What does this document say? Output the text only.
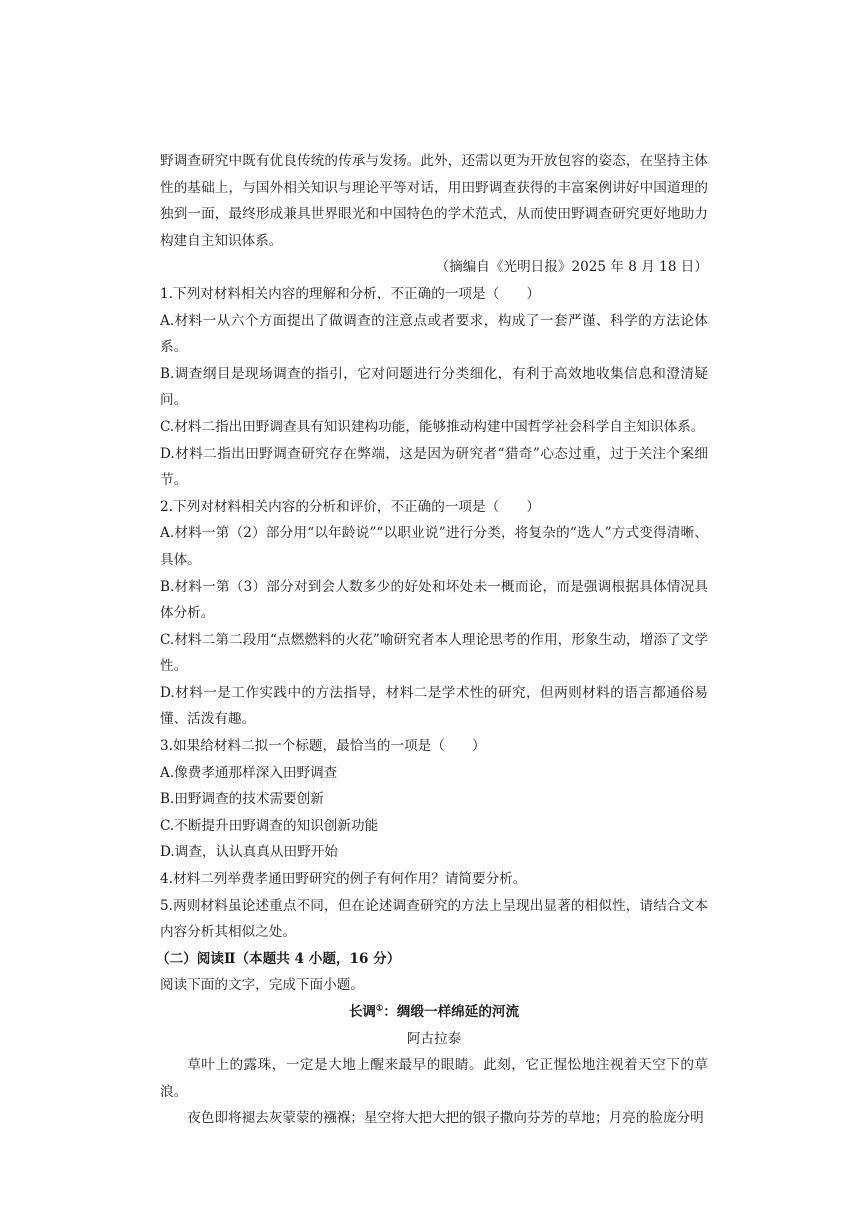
野调查研究中既有优良传统的传承与发扬。此外，还需以更为开放包容的姿态，在坚持主体性的基础上，与国外相关知识与理论平等对话，用田野调查获得的丰富案例讲好中国道理的独到一面，最终形成兼具世界眼光和中国特色的学术范式，从而使田野调查研究更好地助力构建自主知识体系。

（摘编自《光明日报》2025 年 8 月 18 日）

1.下列对材料相关内容的理解和分析，不正确的一项是（　　）

A.材料一从六个方面提出了做调查的注意点或者要求，构成了一套严谨、科学的方法论体系。

B.调查纲目是现场调查的指引，它对问题进行分类细化，有利于高效地收集信息和澄清疑问。

C.材料二指出田野调查具有知识建构功能，能够推动构建中国哲学社会科学自主知识体系。

D.材料二指出田野调查研究存在弊端，这是因为研究者“猎奇”心态过重，过于关注个案细节。

2.下列对材料相关内容的分析和评价，不正确的一项是（　　）

A.材料一第（2）部分用“以年龄说”“以职业说”进行分类，将复杂的“选人”方式变得清晰、具体。

B.材料一第（3）部分对到会人数多少的好处和坏处未一概而论，而是强调根据具体情况具体分析。

C.材料二第二段用“点燃燃料的火花”喻研究者本人理论思考的作用，形象生动，增添了文学性。

D.材料一是工作实践中的方法指导，材料二是学术性的研究，但两则材料的语言都通俗易懂、活泼有趣。

3.如果给材料二拟一个标题，最恰当的一项是（　　）

A.像费孝通那样深入田野调查

B.田野调查的技术需要创新

C.不断提升田野调查的知识创新功能

D.调查，认认真真从田野开始

4.材料二列举费孝通田野研究的例子有何作用？请简要分析。

5.两则材料虽论述重点不同，但在论述调查研究的方法上呈现出显著的相似性，请结合文本内容分析其相似之处。

（二）阅读Ⅱ（本题共 4 小题，16 分）

阅读下面的文字，完成下面小题。

长调①：绸缎一样绵延的河流

阿古拉泰

草叶上的露珠，一定是大地上醒来最早的眼睛。此刻，它正惺忪地注视着天空下的草浪。

夜色即将褪去灰蒙蒙的襁褓；星空将大把大把的银子撒向芬芳的草地；月亮的脸庞分明
